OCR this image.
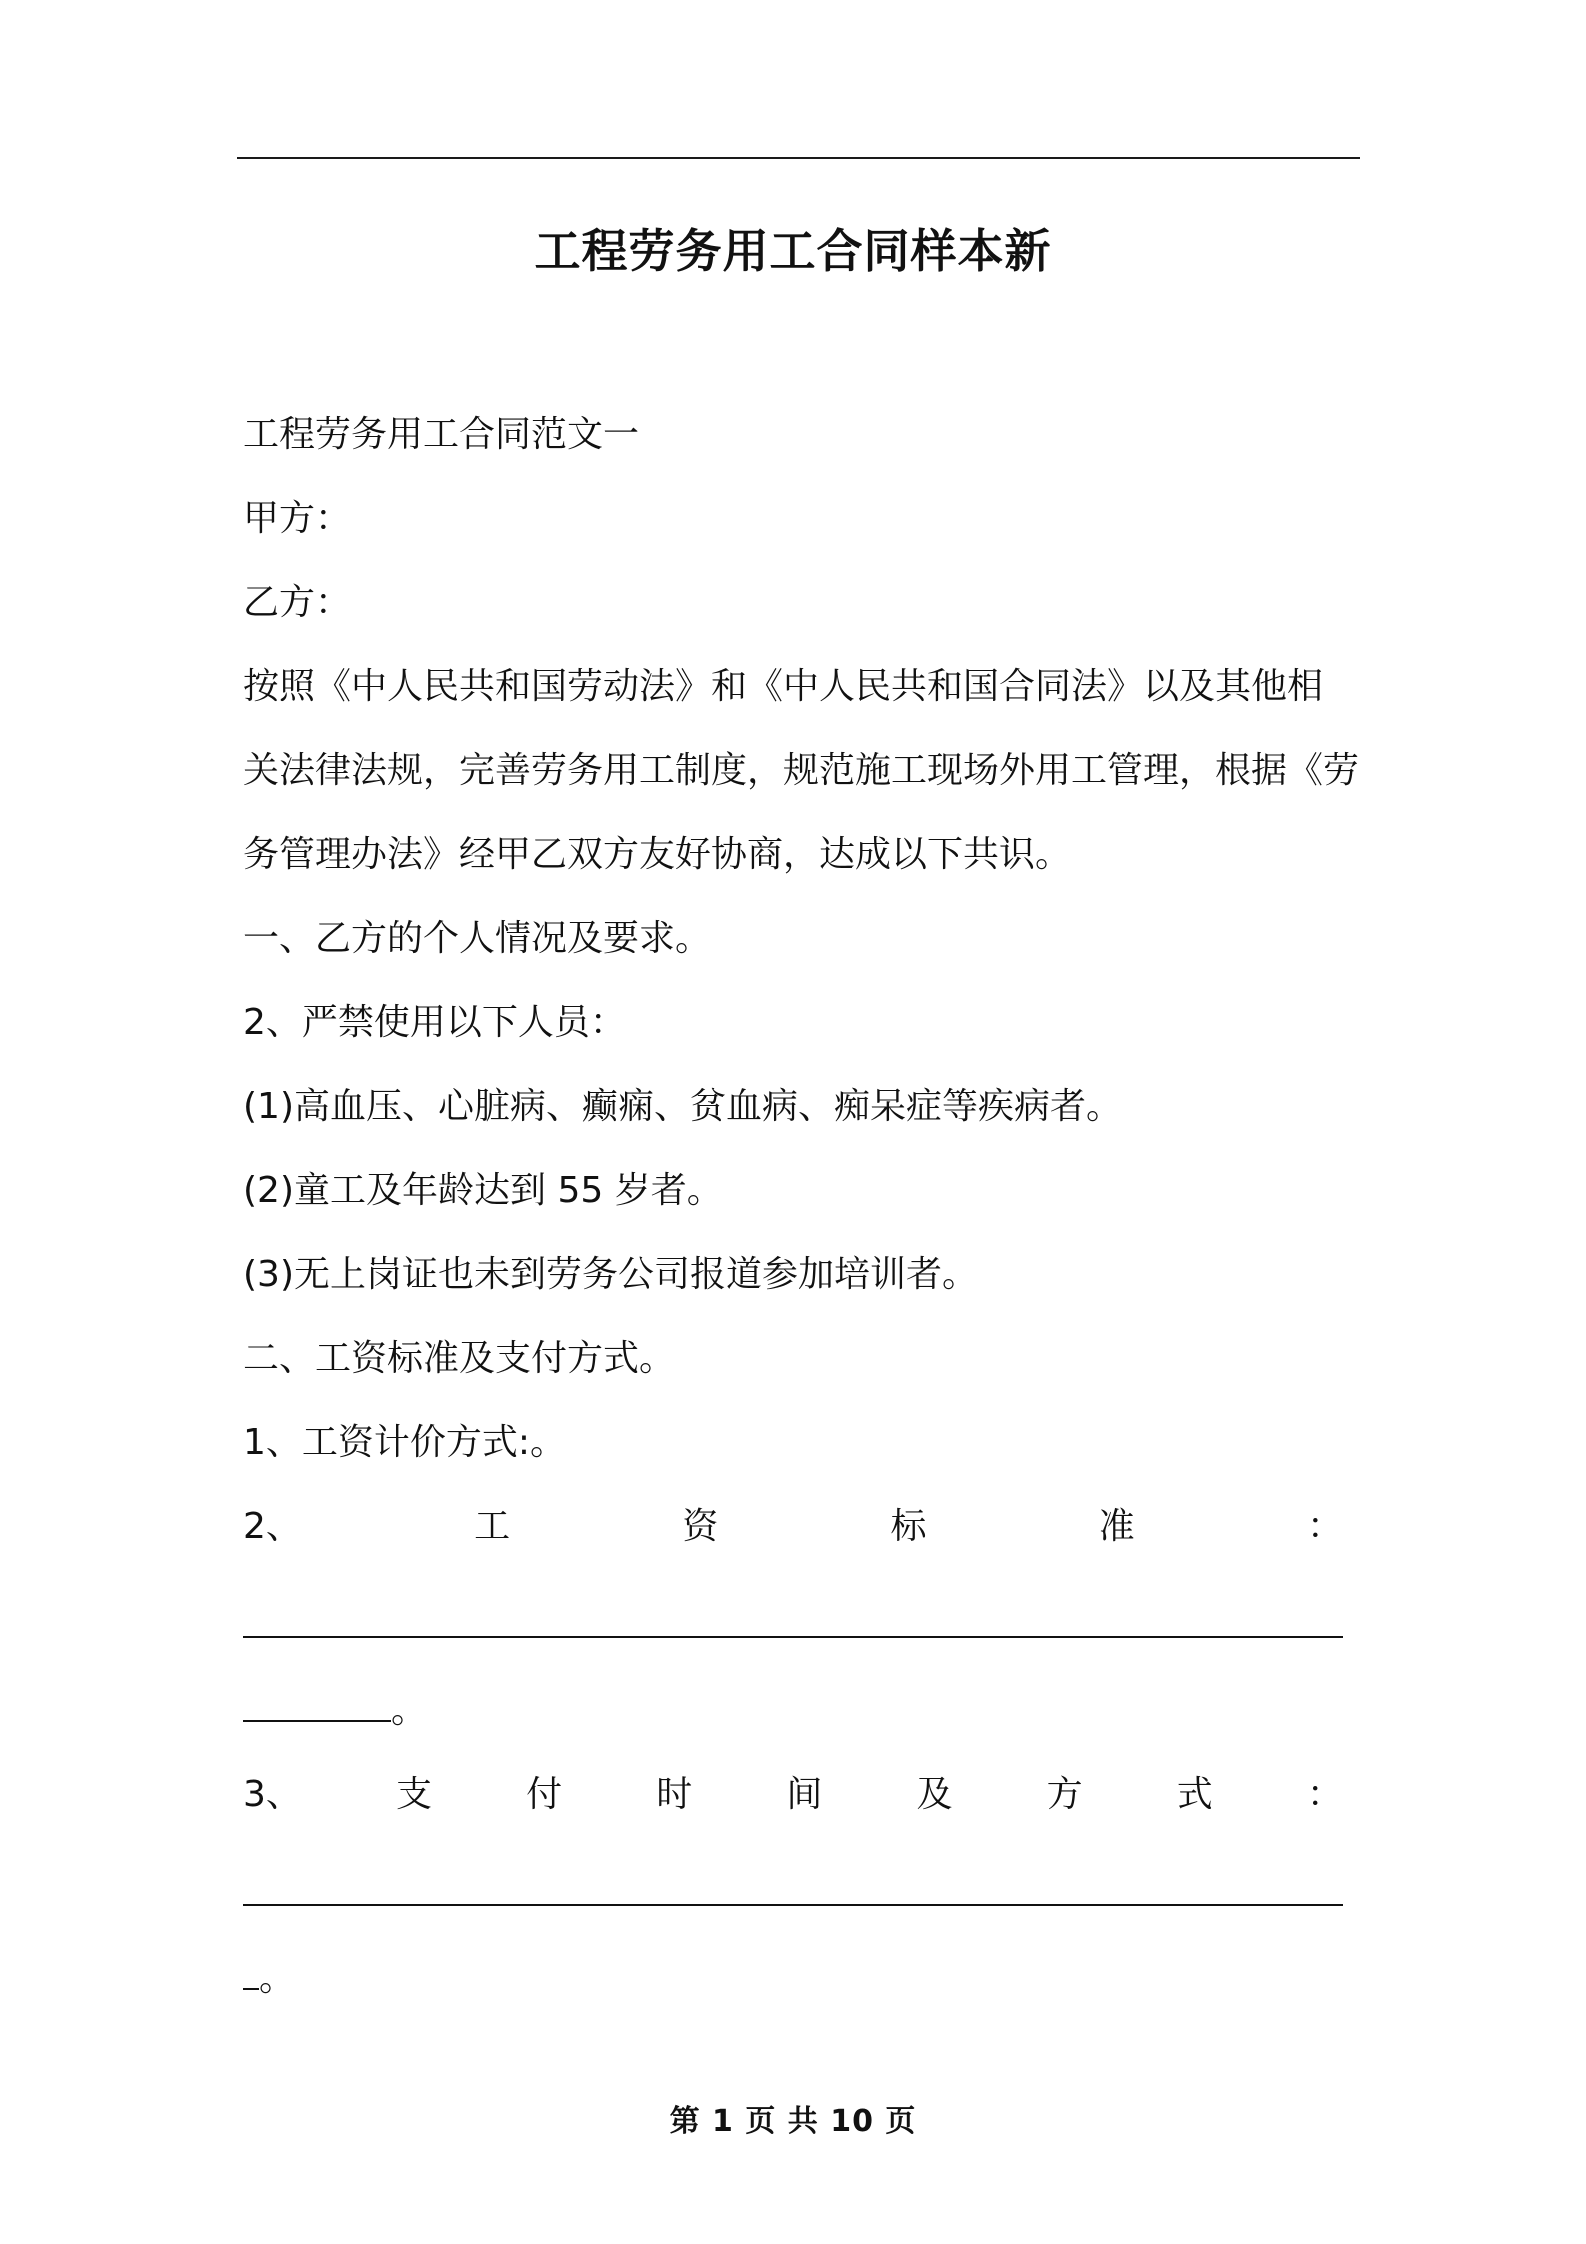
工程劳务用工合同样本新
工程劳务用工合同范文一
甲方：
乙方：
按照《中人民共和国劳动法》和《中人民共和国合同法》以及其他相
关法律法规，完善劳务用工制度，规范施工现场外用工管理，根据《劳
务管理办法》经甲乙双方友好协商，达成以下共识。
一、乙方的个人情况及要求。
2、严禁使用以下人员：
(1)高血压、心脏病、癫痫、贫血病、痴呆症等疾病者。
(2)童工及年龄达到 55 岁者。
(3)无上岗证也未到劳务公司报道参加培训者。
二、工资标准及支付方式。
1、工资计价方式:。
2、	工	资	标	准	：
。
3、	支	付	时	间	及	方	式	：
。
第 1 页 共 10 页
